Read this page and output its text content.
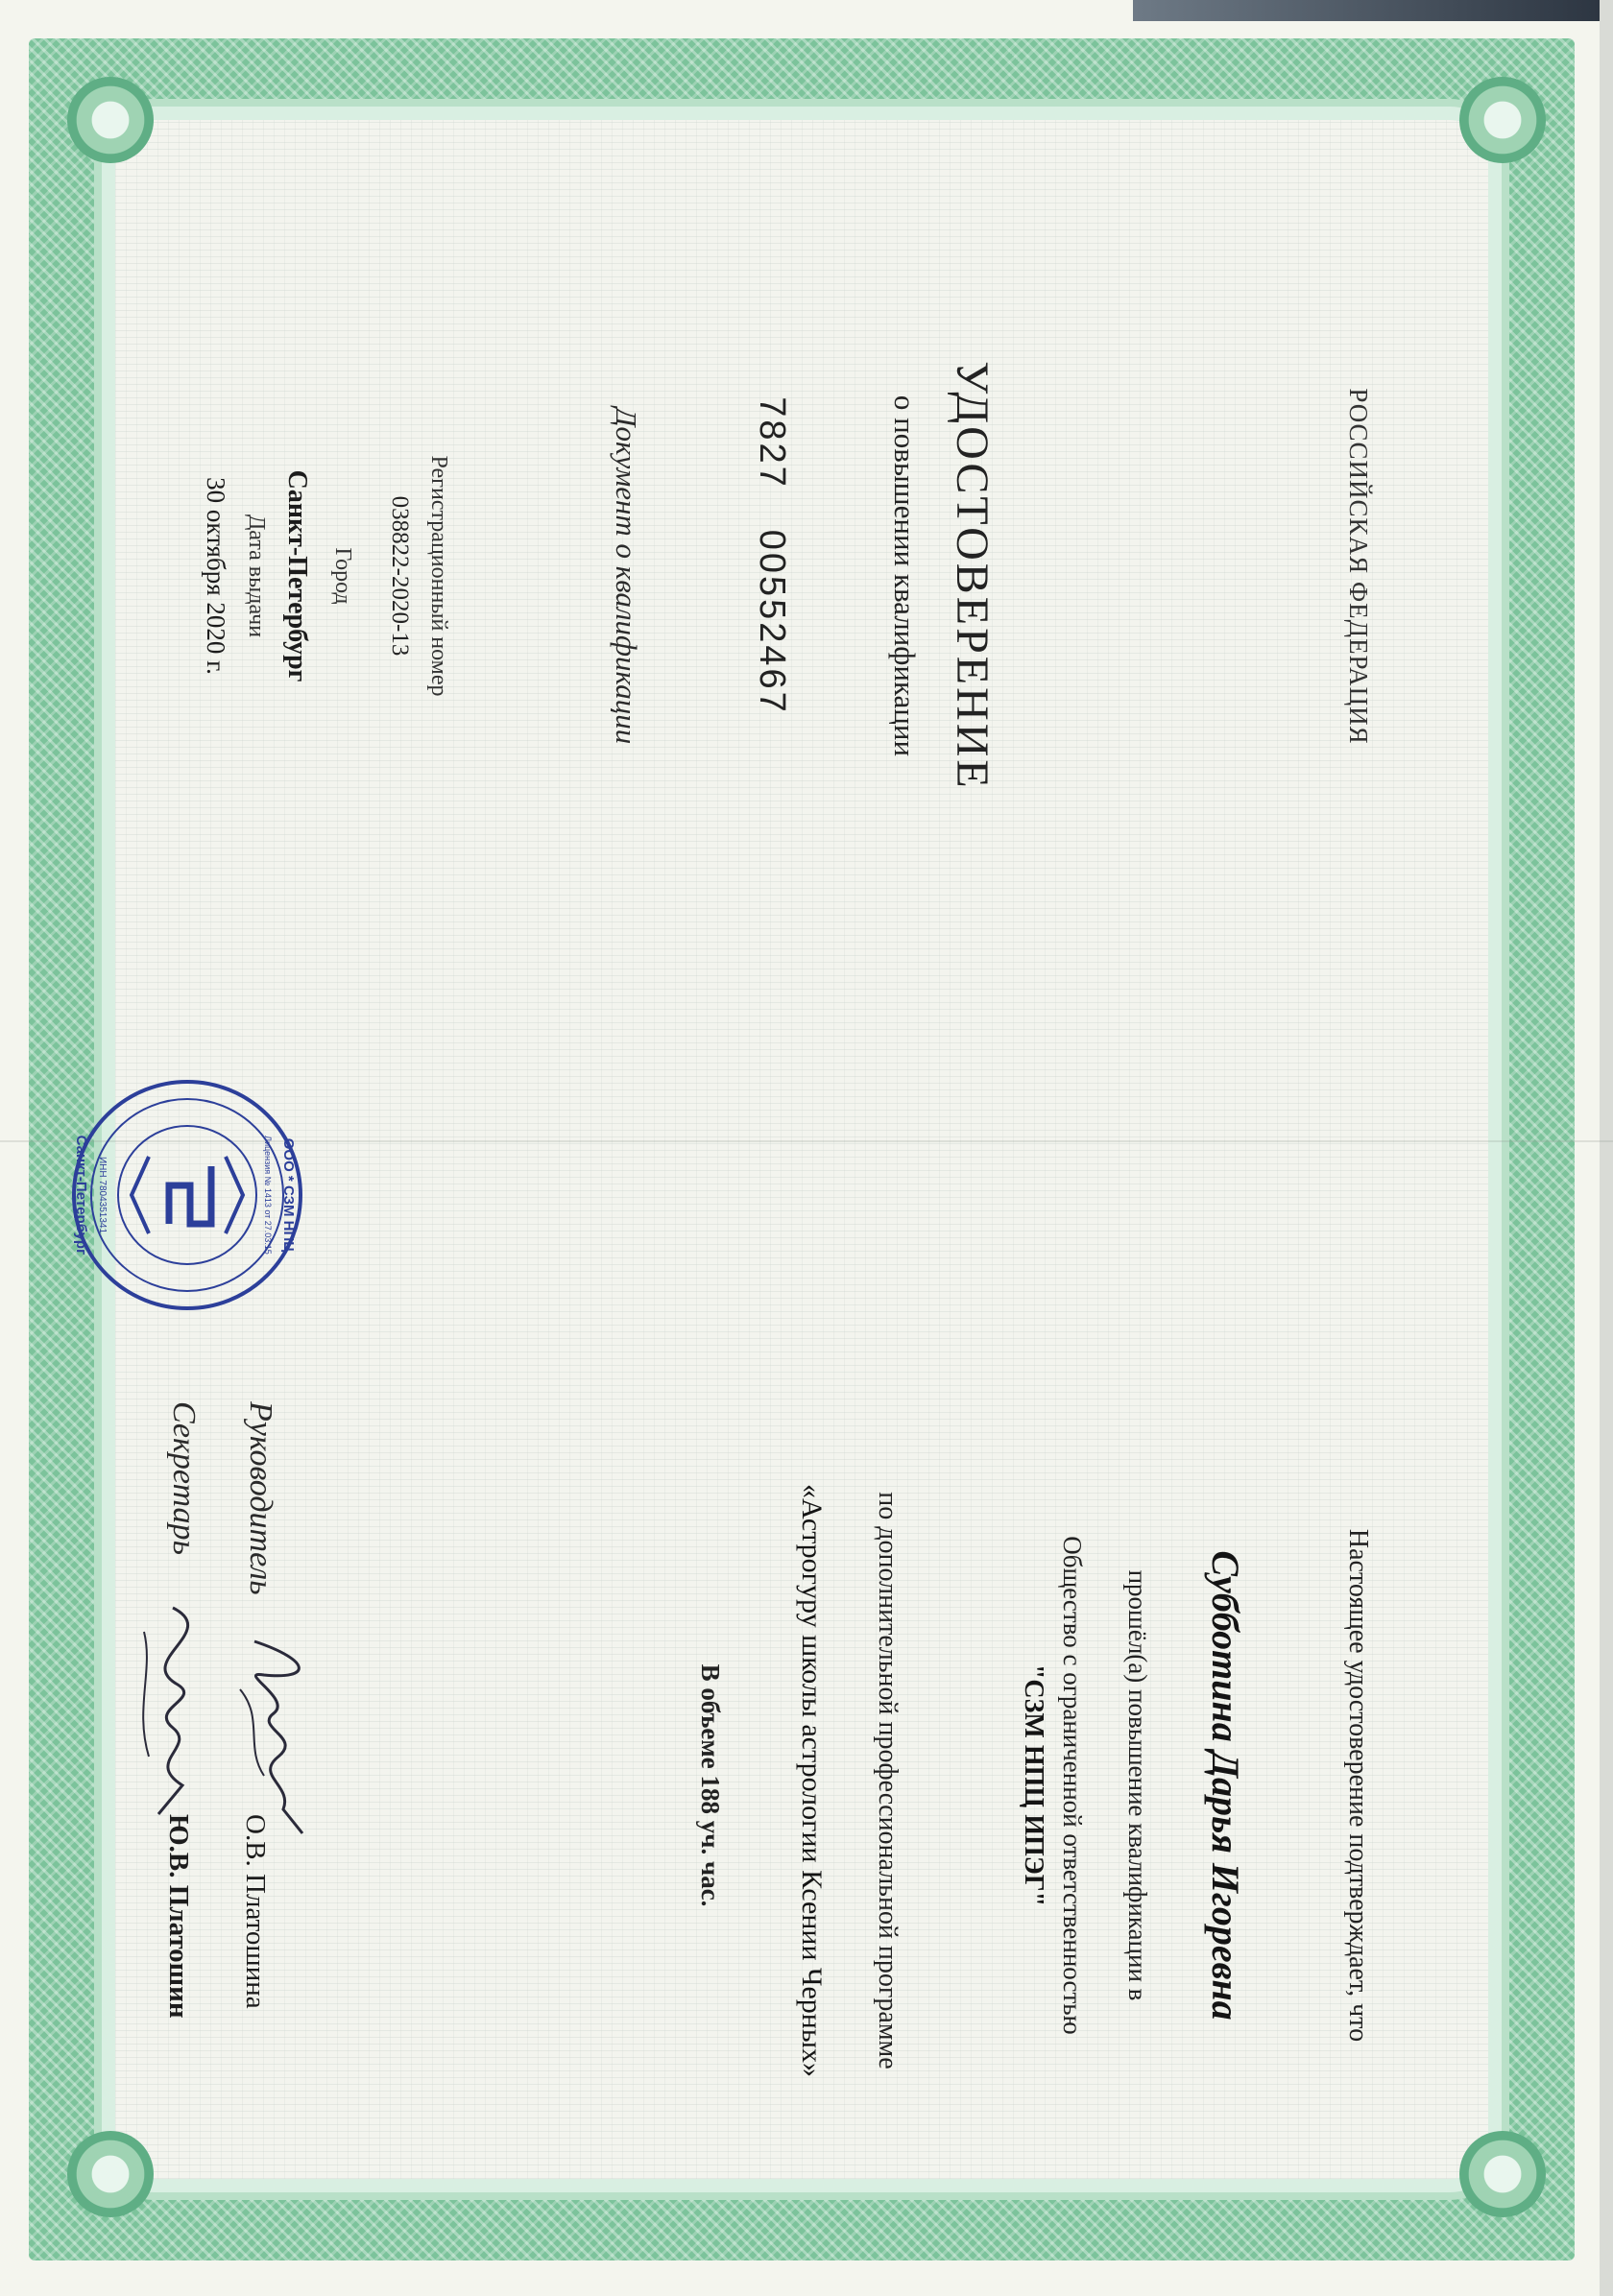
РОССИЙСКАЯ ФЕДЕРАЦИЯ
УДОСТОВЕРЕНИЕ
о повышении квалификации
782700552467
Документ о квалификации
Регистрационный номер
038822-2020-13
Город
Санкт-Петербург
Дата выдачи
30 октября 2020 г.
Настоящее удостоверение подтверждает, что
Субботина Дарья Игоревна
прошёл(а) повышение квалификации в
Общество с ограниченной ответственностью
"СЗМ НПЦ ИПЭГ"
по дополнительной профессиональной программе
«Астрогуру школы астрологии Ксении Черных»
В объеме 188 уч. час.
Руководитель
О.В. Платошина
Секретарь
Ю.В. Платошин
ООО * СЗМ НПЦ
Санкт-Петербург	Лицензия № 1413 от 27.03.15
ИНН 7804351341
